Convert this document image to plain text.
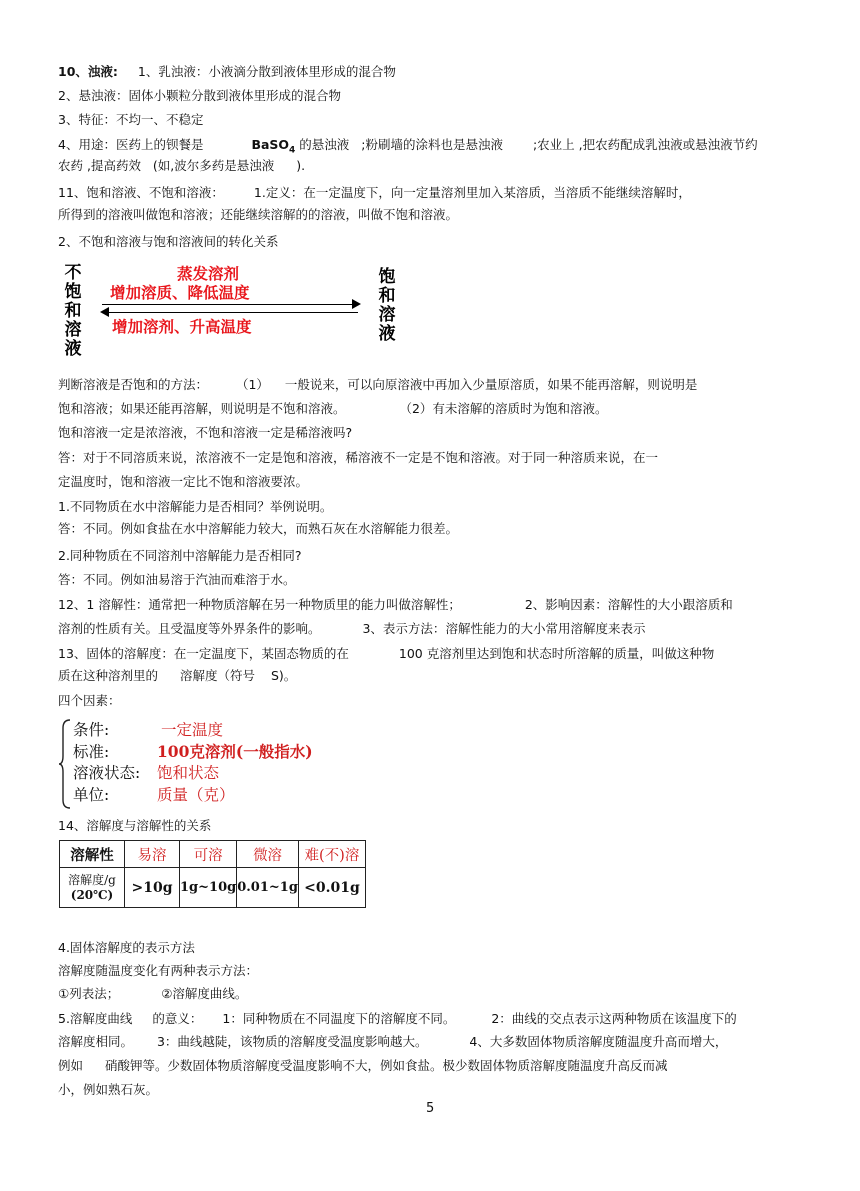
10、浊液: 1、乳浊液：小液滴分散到液体里形成的混合物
2、悬浊液：固体小颗粒分散到液体里形成的混合物
3、特征：不均一、不稳定
4、用途：医药上的钡餐是	BaSO$_4$ 的悬浊液 ;粉刷墙的涂料也是悬浊液 ;农业上 ,把农药配成乳浊液或悬浊液节约
农药 ,提高药效 (如,波尔多药是悬浊液 ).
11、饱和溶液、不饱和溶液： 1.定义：在一定温度下，向一定量溶剂里加入某溶质，当溶质不能继续溶解时，
所得到的溶液叫做饱和溶液；还能继续溶解的的溶液，叫做不饱和溶液。
2、不饱和溶液与饱和溶液间的转化关系
不
饱
和
溶
液
蒸发溶剂
增加溶质、降低温度
增加溶剂、升高温度
饱
和
溶
液
判断溶液是否饱和的方法： （1） 一般说来，可以向原溶液中再加入少量原溶质，如果不能再溶解，则说明是
饱和溶液；如果还能再溶解，则说明是不饱和溶液。	（2）有未溶解的溶质时为饱和溶液。
饱和溶液一定是浓溶液，不饱和溶液一定是稀溶液吗?
答：对于不同溶质来说，浓溶液不一定是饱和溶液，稀溶液不一定是不饱和溶液。对于同一种溶质来说，在一
定温度时，饱和溶液一定比不饱和溶液要浓。
1.不同物质在水中溶解能力是否相同？举例说明。
答：不同。例如食盐在水中溶解能力较大，而熟石灰在水溶解能力很差。
2.同种物质在不同溶剂中溶解能力是否相同?
答：不同。例如油易溶于汽油而难溶于水。
12、1 溶解性：通常把一种物质溶解在另一种物质里的能力叫做溶解性；	2、影响因素：溶解性的大小跟溶质和
溶剂的性质有关。且受温度等外界条件的影响。	3、表示方法：溶解性能力的大小常用溶解度来表示
13、固体的溶解度：在一定温度下，某固态物质的在	100 克溶剂里达到饱和状态时所溶解的质量，叫做这种物
质在这种溶剂里的 溶解度（符号 S)。
四个因素：
条件:	一定温度
标准:	100克溶剂(一般指水)
溶液状态: 饱和状态
单位:	质量（克）
14、溶解度与溶解性的关系
溶解性	易溶	可溶	微溶	难(不)溶

溶解度/g
(20℃)	>10g	1g~10g	0.01~1g	<0.01g
4.固体溶解度的表示方法
溶解度随温度变化有两种表示方法：
①列表法；	②溶解度曲线。
5.溶解度曲线 的意义： 1：同种物质在不同温度下的溶解度不同。	2：曲线的交点表示这两种物质在该温度下的
溶解度相同。 3：曲线越陡，该物质的溶解度受温度影响越大。	4、大多数固体物质溶解度随温度升高而增大，
例如 硝酸钾等。少数固体物质溶解度受温度影响不大，例如食盐。极少数固体物质溶解度随温度升高反而减
小，例如熟石灰。
5
